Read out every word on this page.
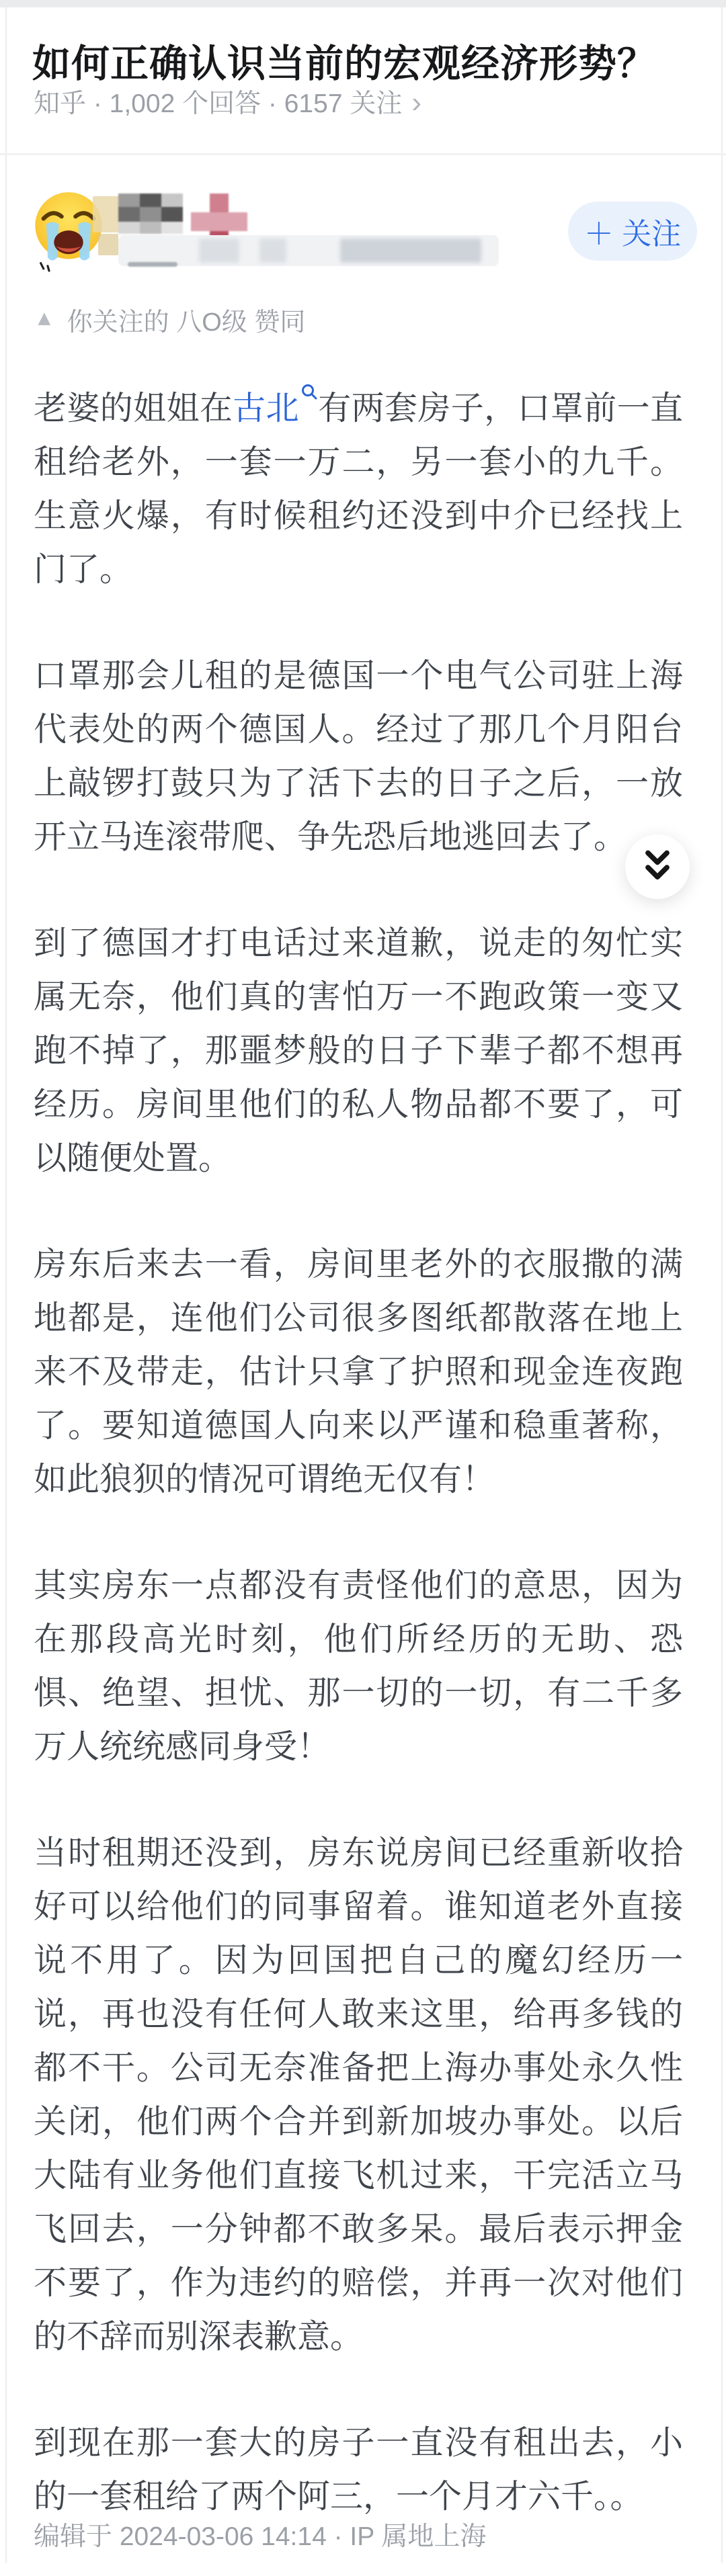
如何正确认识当前的宏观经济形势？
知乎 · 1,002 个回答 · 6157 关注 ›
＋ 关注
▲ 你关注的 八O级 赞同

老婆的姐姐在古北 有两套房子，口罩前一直租给老外，一套一万二，另一套小的九千。生意火爆，有时候租约还没到中介已经找上门了。

口罩那会儿租的是德国一个电气公司驻上海代表处的两个德国人。经过了那几个月阳台上敲锣打鼓只为了活下去的日子之后，一放开立马连滚带爬、争先恐后地逃回去了。

到了德国才打电话过来道歉，说走的匆忙实属无奈，他们真的害怕万一不跑政策一变又跑不掉了，那噩梦般的日子下辈子都不想再经历。房间里他们的私人物品都不要了，可以随便处置。

房东后来去一看，房间里老外的衣服撒的满地都是，连他们公司很多图纸都散落在地上来不及带走，估计只拿了护照和现金连夜跑了。要知道德国人向来以严谨和稳重著称，如此狼狈的情况可谓绝无仅有！

其实房东一点都没有责怪他们的意思，因为在那段高光时刻，他们所经历的无助、恐惧、绝望、担忧、那一切的一切，有二千多万人统统感同身受！

当时租期还没到，房东说房间已经重新收拾好可以给他们的同事留着。谁知道老外直接说不用了。因为回国把自己的魔幻经历一说，再也没有任何人敢来这里，给再多钱的都不干。公司无奈准备把上海办事处永久性关闭，他们两个合并到新加坡办事处。以后大陆有业务他们直接飞机过来，干完活立马飞回去，一分钟都不敢多呆。最后表示押金不要了，作为违约的赔偿，并再一次对他们的不辞而别深表歉意。

到现在那一套大的房子一直没有租出去，小的一套租给了两个阿三，一个月才六千。。

编辑于 2024-03-06 14:14 · IP 属地上海
